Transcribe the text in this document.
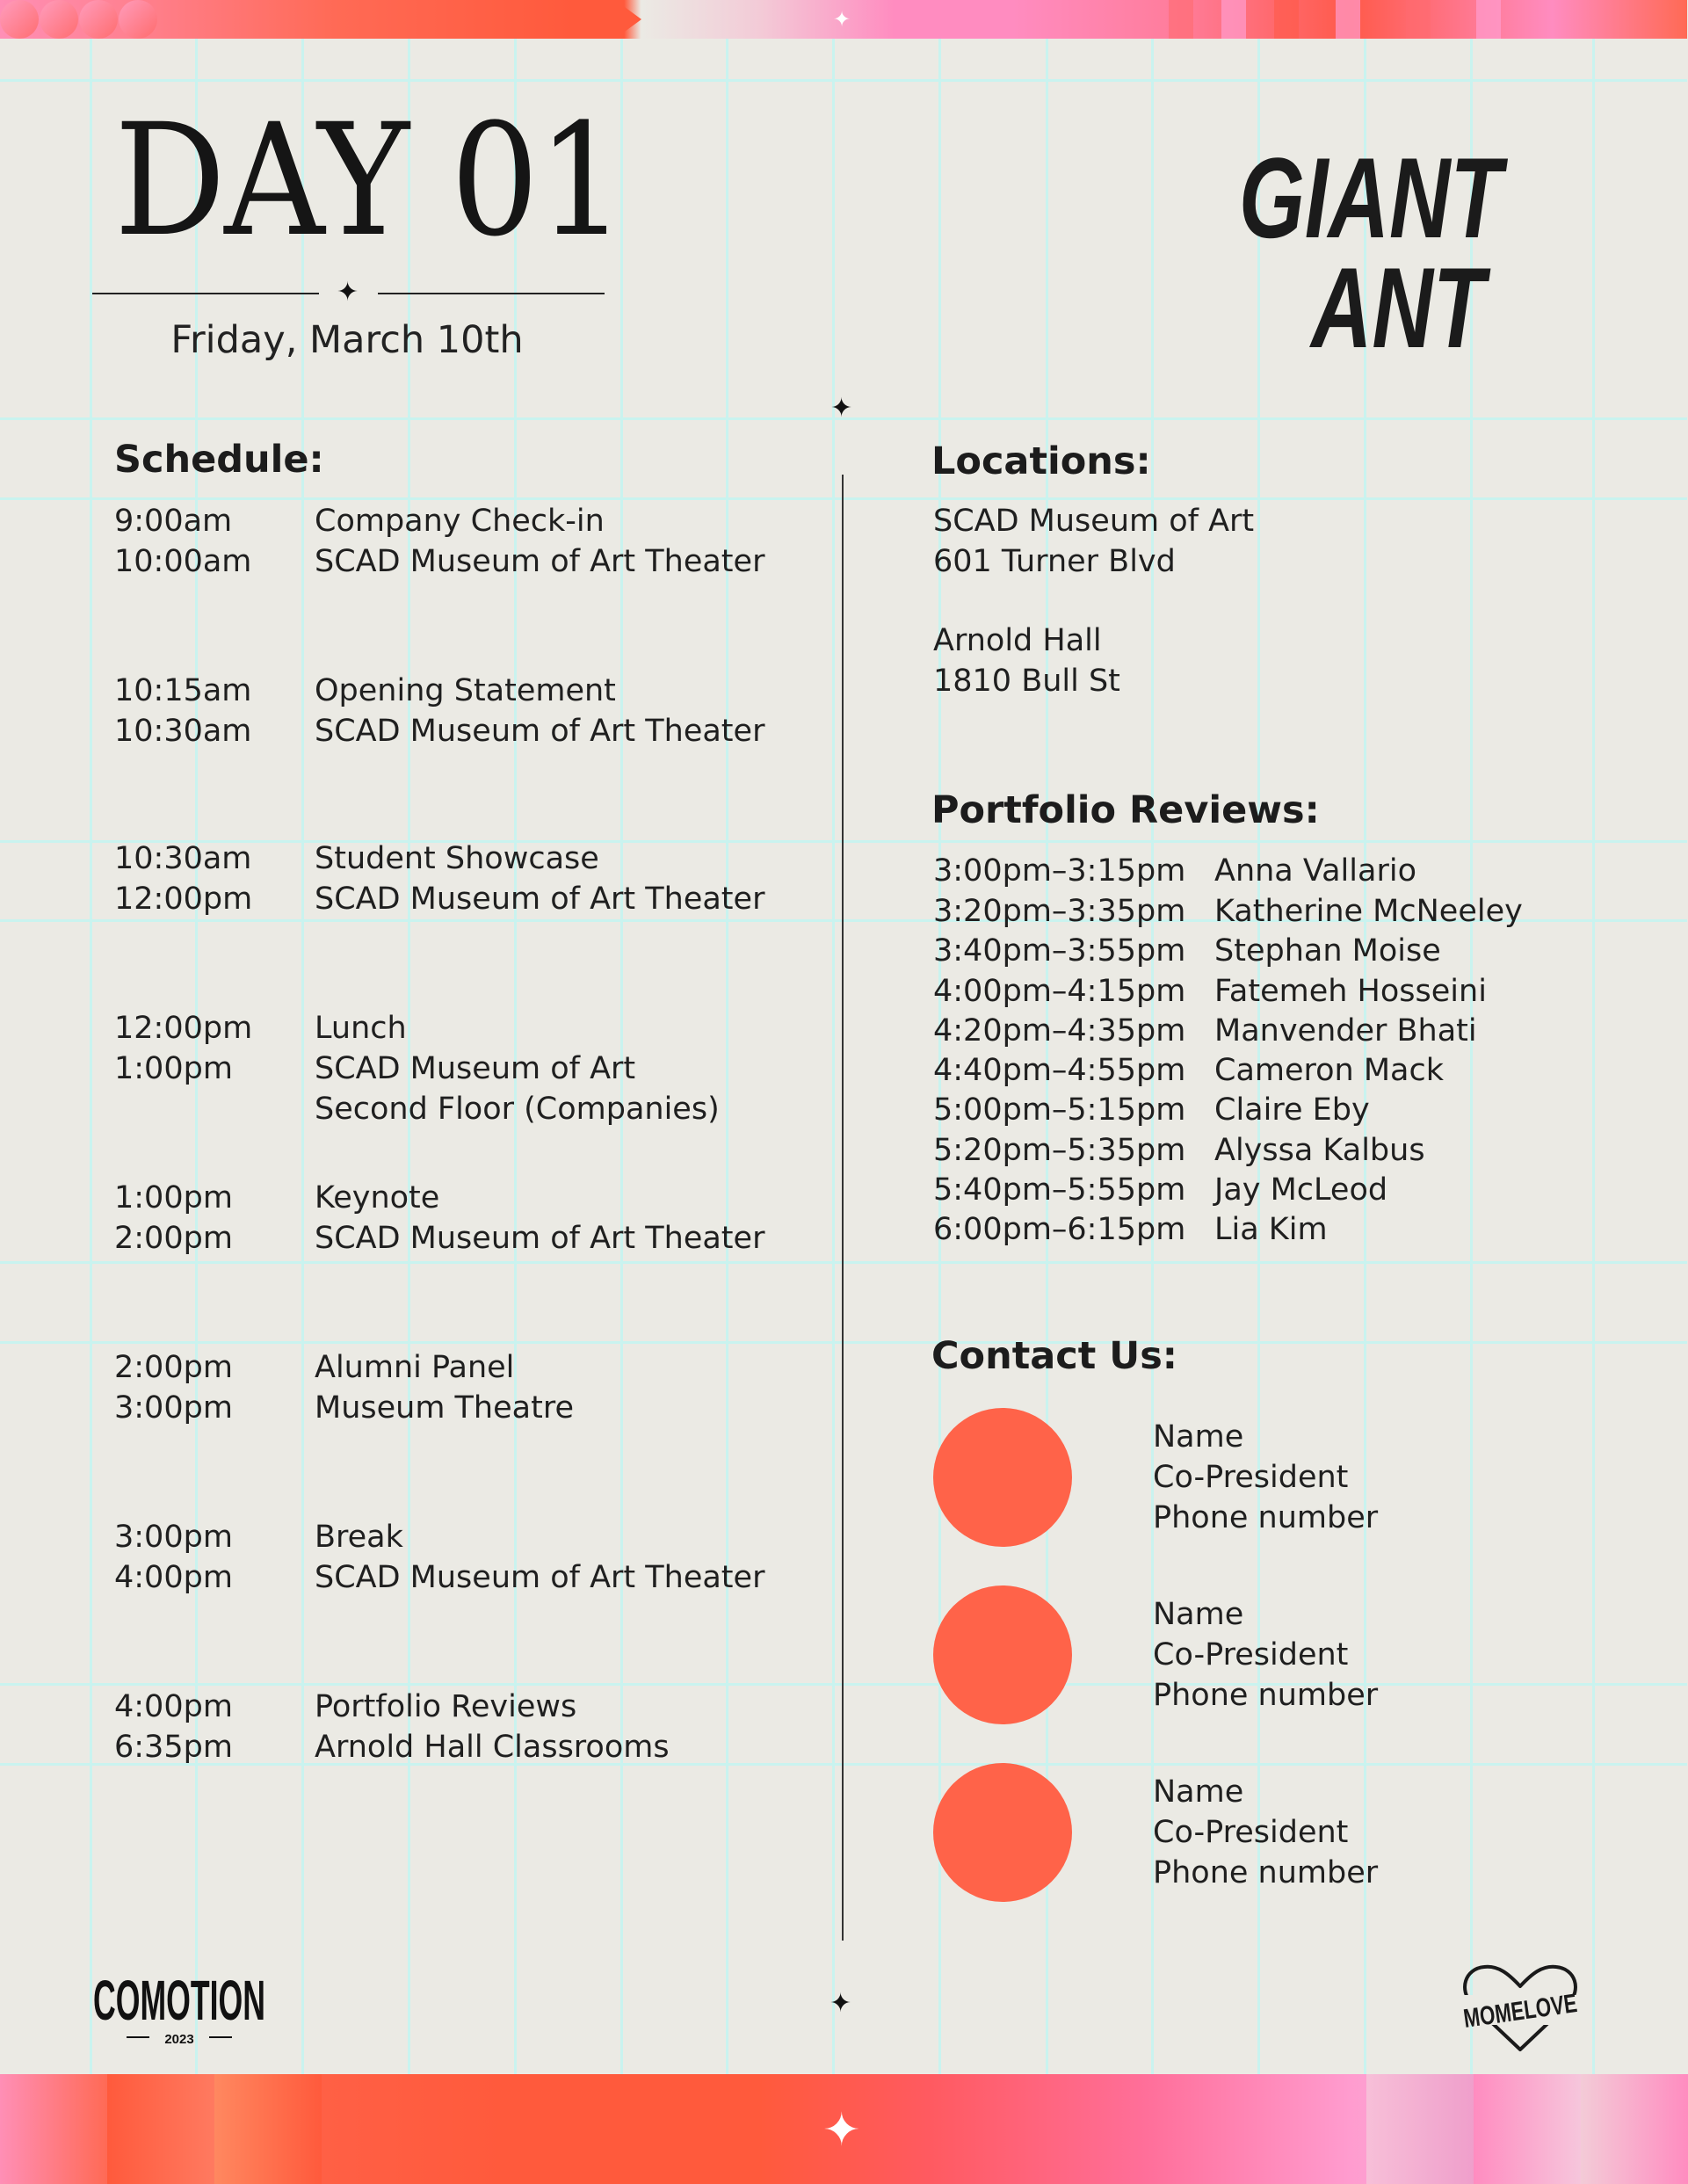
✦
DAY 01
✦
Friday, March 10th
GIANT
ANT
✦
Schedule:
9:00am	Company Check-in
10:00am	SCAD Museum of Art Theater
10:15am	Opening Statement
10:30am	SCAD Museum of Art Theater
10:30am	Student Showcase
12:00pm	SCAD Museum of Art Theater
12:00pm	Lunch
1:00pm	SCAD Museum of Art
Second Floor (Companies)
1:00pm	Keynote
2:00pm	SCAD Museum of Art Theater
2:00pm	Alumni Panel
3:00pm	Museum Theatre
3:00pm	Break
4:00pm	SCAD Museum of Art Theater
4:00pm	Portfolio Reviews
6:35pm	Arnold Hall Classrooms
Locations:
SCAD Museum of Art
601 Turner Blvd
Arnold Hall
1810 Bull St
Portfolio Reviews:
3:00pm–3:15pm Anna Vallario
3:20pm–3:35pm Katherine McNeeley
3:40pm–3:55pm Stephan Moise
4:00pm–4:15pm Fatemeh Hosseini
4:20pm–4:35pm Manvender Bhati
4:40pm–4:55pm Cameron Mack
5:00pm–5:15pm Claire Eby
5:20pm–5:35pm Alyssa Kalbus
5:40pm–5:55pm Jay McLeod
6:00pm–6:15pm Lia Kim
Contact Us:
Name
Co-President
Phone number
Name
Co-President
Phone number
Name
Co-President
Phone number
COMOTION
2023
MOMELOVE
✦
✦
